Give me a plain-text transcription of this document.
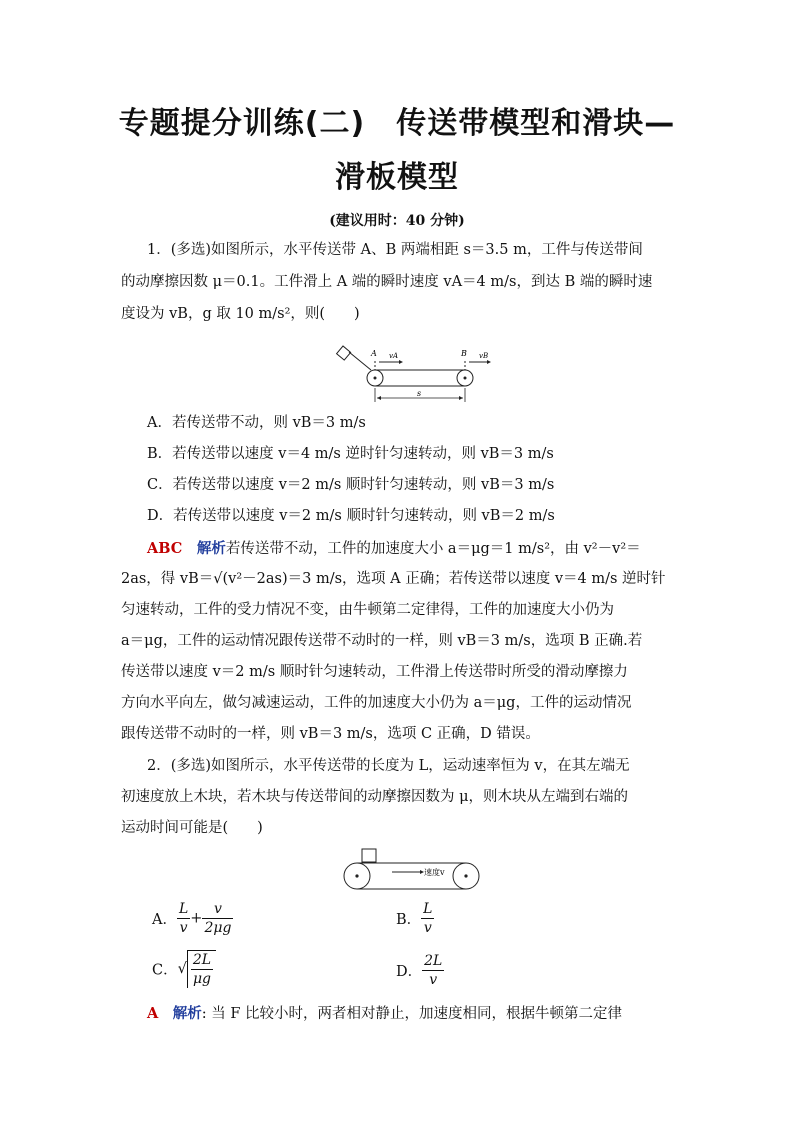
专题提分训练(二)　传送带模型和滑块—
滑板模型
(建议用时：40 分钟)
1．(多选)如图所示，水平传送带 A、B 两端相距 s＝3.5 m，工件与传送带间
的动摩擦因数 μ＝0.1。工件滑上 A 端的瞬时速度 vA＝4 m/s，到达 B 端的瞬时速
度设为 vB，g 取 10 m/s²，则(　　)
A	B
vA	vB
s
A．若传送带不动，则 vB＝3 m/s
B．若传送带以速度 v＝4 m/s 逆时针匀速转动，则 vB＝3 m/s
C．若传送带以速度 v＝2 m/s 顺时针匀速转动，则 vB＝3 m/s
D．若传送带以速度 v＝2 m/s 顺时针匀速转动，则 vB＝2 m/s
ABC　 解析若传送带不动，工件的加速度大小 a＝μg＝1 m/s²，由 v²－v²＝
2as，得 vB＝√(v²－2as)＝3 m/s，选项 A 正确；若传送带以速度 v＝4 m/s 逆时针
匀速转动，工件的受力情况不变，由牛顿第二定律得，工件的加速度大小仍为
a＝μg，工件的运动情况跟传送带不动时的一样，则 vB＝3 m/s，选项 B 正确.若
传送带以速度 v＝2 m/s 顺时针匀速转动，工件滑上传送带时所受的滑动摩擦力
方向水平向左，做匀减速运动，工件的加速度大小仍为 a＝μg，工件的运动情况
跟传送带不动时的一样，则 vB＝3 m/s，选项 C 正确，D 错误。
2．(多选)如图所示，水平传送带的长度为 L，运动速率恒为 v，在其左端无
初速度放上木块，若木块与传送带间的动摩擦因数为 μ，则木块从左端到右端的
运动时间可能是(　　)
速度v
A． $\frac{L}{v} + \frac{v}{2\mu g}$	B． $\frac{L}{v}$
C．√ $\frac{2L}{\mu g}$	D． $\frac{2L}{v}$
A　 解析: 当 F 比较小时，两者相对静止，加速度相同，根据牛顿第二定律
